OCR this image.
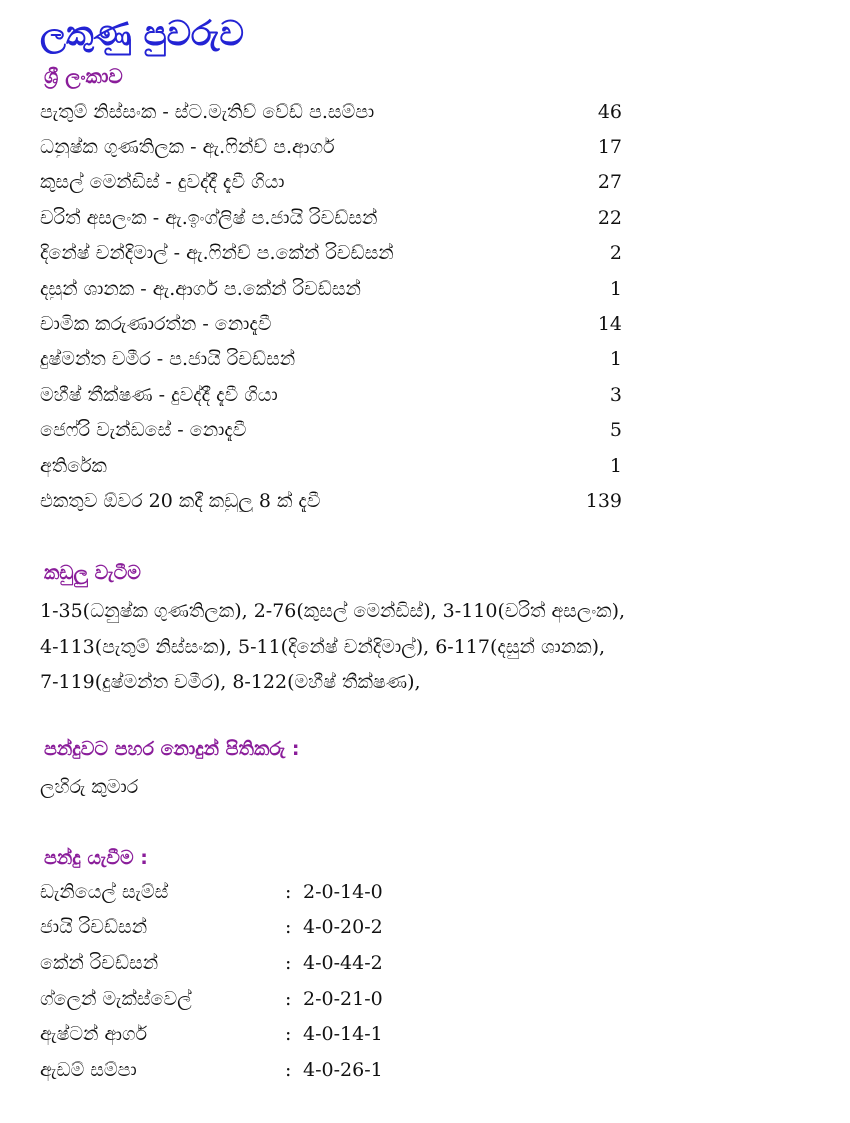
ලකුණු පුවරුව
ශ්‍රී ලංකාව
පැතුම් නිස්සංක - ස්ට.මැතිව් වේඩ් ප.සම්පා	46
ධනුෂ්ක ගුණතිලක - ඇ.ෆින්ච් ප.ආගර්	17
කුසල් මෙන්ඩිස් - දුවද්දී දැවී ගියා	27
චරිත් අසලංක - ඇ.ඉංග්ලිෂ් ප.ජායි රිචඩ්සන්	22
දිනේෂ් චන්දිමාල් - ඇ.ෆින්ච් ප.කේන් රිචඩ්සන්	2
දසුන් ශානක - ඇ.ආගර් ප.කේන් රිචඩ්සන්	1
චාමික කරුණාරත්න - නොදැවී	14
දුෂ්මන්ත චමීර - ප.ජායි රිචඩ්සන්	1
මහීෂ් තීක්ෂණ - දුවද්දී දැවී ගියා	3
ජෙෆ්රි වැන්ඩසේ - නොදැවී	5
අතිරේක	1
එකතුව ඕවර 20 කදී කඩුලු 8 ක් දැවී	139
කඩුලු වැටීම

1-35(ධනුෂ්ක ගුණතිලක), 2-76(කුසල් මෙන්ඩිස්), 3-110(චරිත් අසලංක),
4-113(පැතුම් නිස්සංක), 5-11(දිනේෂ් චන්දිමාල්), 6-117(දසුන් ශානක),
7-119(දුෂ්මන්ත චමීර), 8-122(මහීෂ් තීක්ෂණ),

පන්දුවට පහර නොදුන් පිතිකරු :

ලහිරු කුමාර

පන්දු යැවීම :
ඩැනියෙල් සැම්ස්	: 2-0-14-0
ජායි රිචඩ්සන්	: 4-0-20-2
කේන් රිචඩ්සන්	: 4-0-44-2
ග්ලෙන් මැක්ස්වෙල්	: 2-0-21-0
ඇෂ්ටන් ආගර්	: 4-0-14-1
ඇඩම් සම්පා	: 4-0-26-1
